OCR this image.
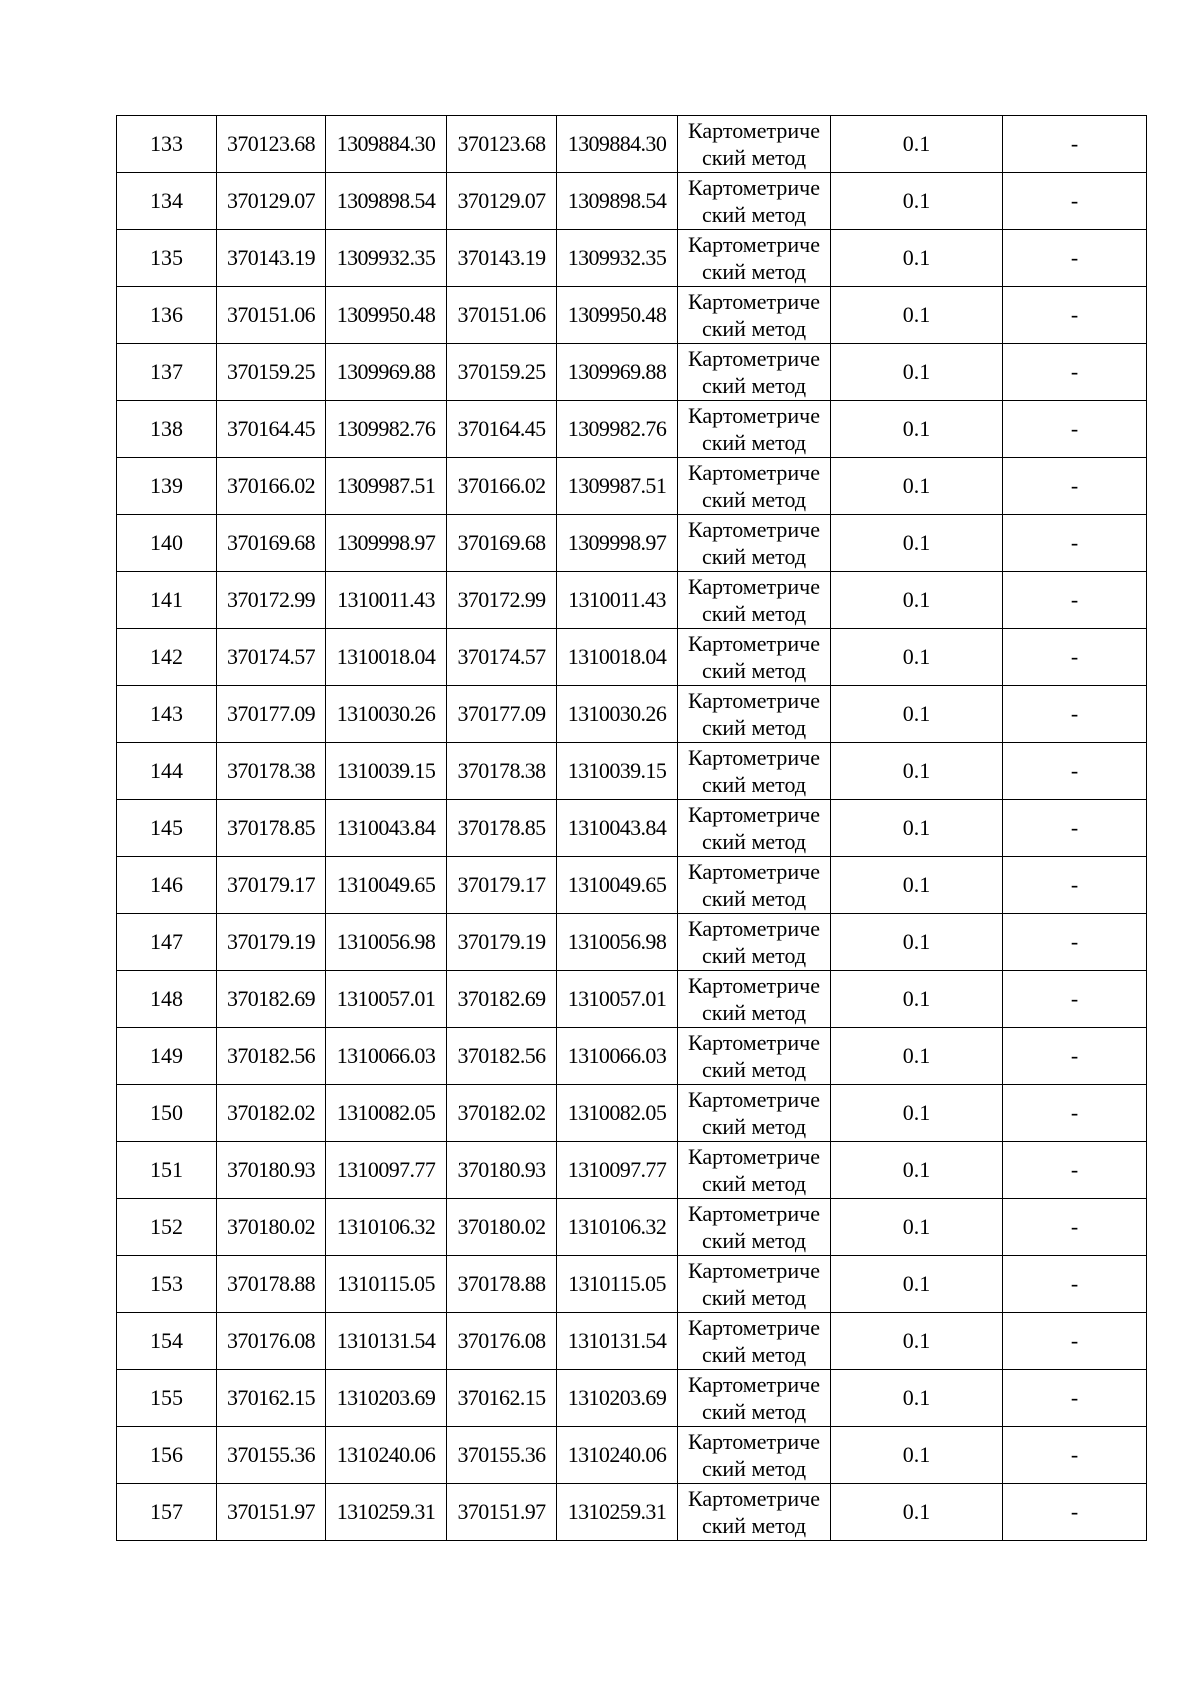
133	370123.68	1309884.30	370123.68	1309884.30	Картометриче
ский метод	0.1	-
134	370129.07	1309898.54	370129.07	1309898.54	Картометриче
ский метод	0.1	-
135	370143.19	1309932.35	370143.19	1309932.35	Картометриче
ский метод	0.1	-
136	370151.06	1309950.48	370151.06	1309950.48	Картометриче
ский метод	0.1	-
137	370159.25	1309969.88	370159.25	1309969.88	Картометриче
ский метод	0.1	-
138	370164.45	1309982.76	370164.45	1309982.76	Картометриче
ский метод	0.1	-
139	370166.02	1309987.51	370166.02	1309987.51	Картометриче
ский метод	0.1	-
140	370169.68	1309998.97	370169.68	1309998.97	Картометриче
ский метод	0.1	-
141	370172.99	1310011.43	370172.99	1310011.43	Картометриче
ский метод	0.1	-
142	370174.57	1310018.04	370174.57	1310018.04	Картометриче
ский метод	0.1	-
143	370177.09	1310030.26	370177.09	1310030.26	Картометриче
ский метод	0.1	-
144	370178.38	1310039.15	370178.38	1310039.15	Картометриче
ский метод	0.1	-
145	370178.85	1310043.84	370178.85	1310043.84	Картометриче
ский метод	0.1	-
146	370179.17	1310049.65	370179.17	1310049.65	Картометриче
ский метод	0.1	-
147	370179.19	1310056.98	370179.19	1310056.98	Картометриче
ский метод	0.1	-
148	370182.69	1310057.01	370182.69	1310057.01	Картометриче
ский метод	0.1	-
149	370182.56	1310066.03	370182.56	1310066.03	Картометриче
ский метод	0.1	-
150	370182.02	1310082.05	370182.02	1310082.05	Картометриче
ский метод	0.1	-
151	370180.93	1310097.77	370180.93	1310097.77	Картометриче
ский метод	0.1	-
152	370180.02	1310106.32	370180.02	1310106.32	Картометриче
ский метод	0.1	-
153	370178.88	1310115.05	370178.88	1310115.05	Картометриче
ский метод	0.1	-
154	370176.08	1310131.54	370176.08	1310131.54	Картометриче
ский метод	0.1	-
155	370162.15	1310203.69	370162.15	1310203.69	Картометриче
ский метод	0.1	-
156	370155.36	1310240.06	370155.36	1310240.06	Картометриче
ский метод	0.1	-
157	370151.97	1310259.31	370151.97	1310259.31	Картометриче
ский метод	0.1	-
